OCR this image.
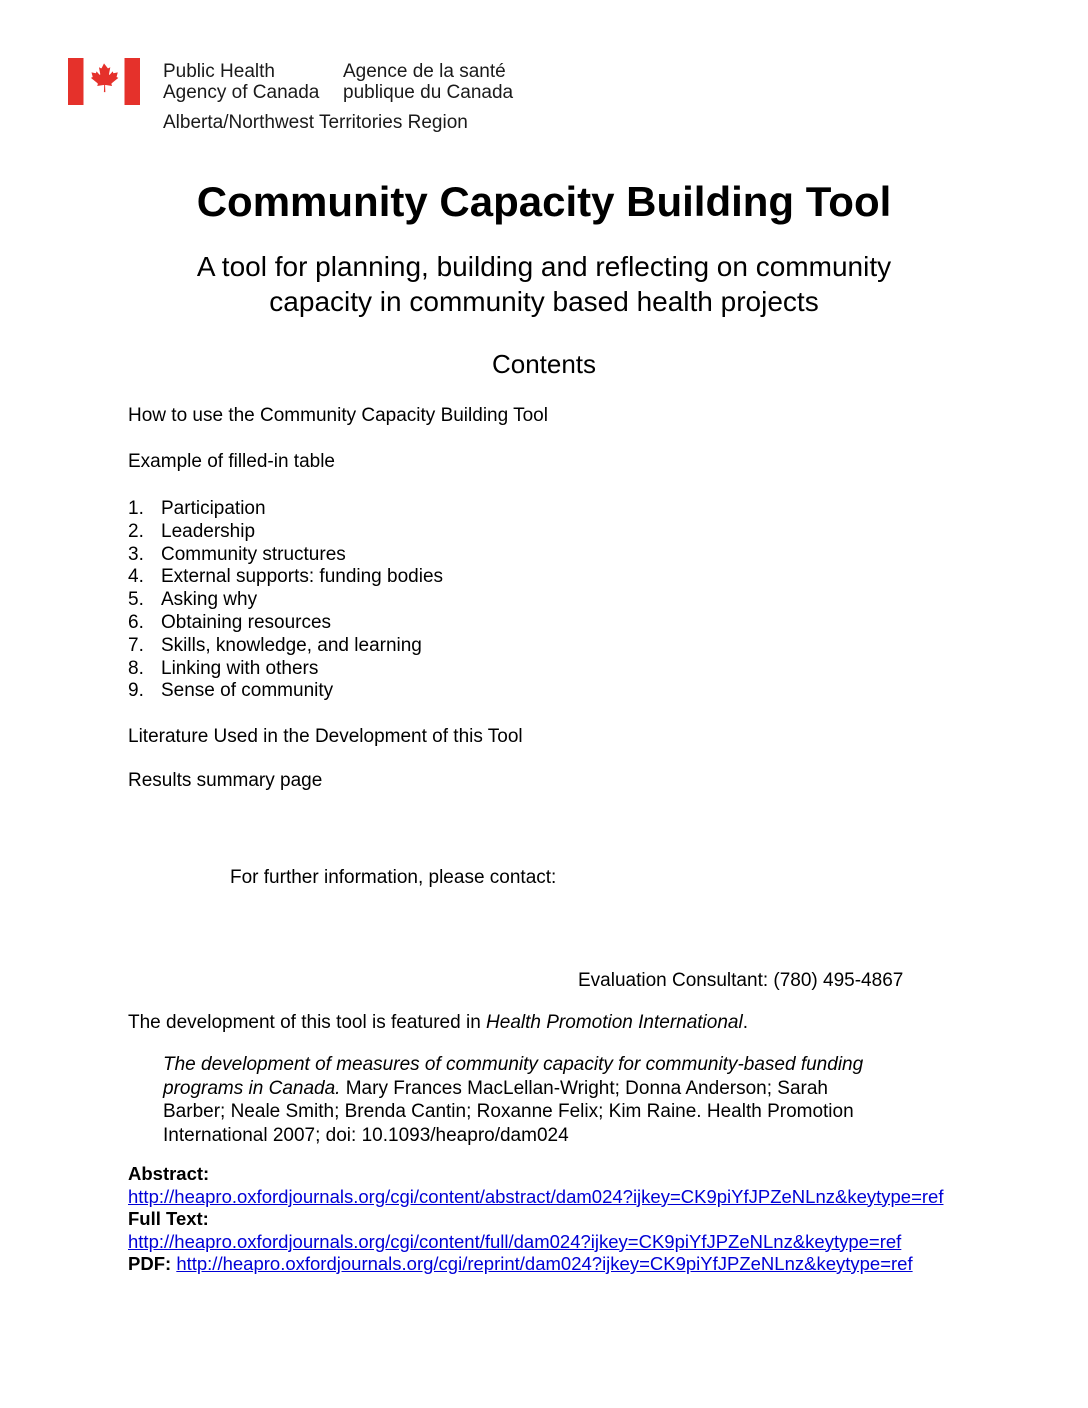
Public Health
Agency of Canada
Agence de la santé
publique du Canada
Alberta/Northwest Territories Region
Community Capacity Building Tool
A tool for planning, building and reflecting on community
capacity in community based health projects
Contents
How to use the Community Capacity Building Tool
Example of filled-in table
1. Participation
2. Leadership
3. Community structures
4. External supports: funding bodies
5. Asking why
6. Obtaining resources
7. Skills, knowledge, and learning
8. Linking with others
9. Sense of community
Literature Used in the Development of this Tool
Results summary page
For further information, please contact:
Evaluation Consultant: (780) 495-4867
The development of this tool is featured in Health Promotion International.
The development of measures of community capacity for community-based funding programs in Canada. Mary Frances MacLellan-Wright; Donna Anderson; Sarah Barber; Neale Smith; Brenda Cantin; Roxanne Felix; Kim Raine. Health Promotion International 2007; doi: 10.1093/heapro/dam024
Abstract:
http://heapro.oxfordjournals.org/cgi/content/abstract/dam024?ijkey=CK9piYfJPZeNLnz&keytype=ref
Full Text:
http://heapro.oxfordjournals.org/cgi/content/full/dam024?ijkey=CK9piYfJPZeNLnz&keytype=ref
PDF: http://heapro.oxfordjournals.org/cgi/reprint/dam024?ijkey=CK9piYfJPZeNLnz&keytype=ref
